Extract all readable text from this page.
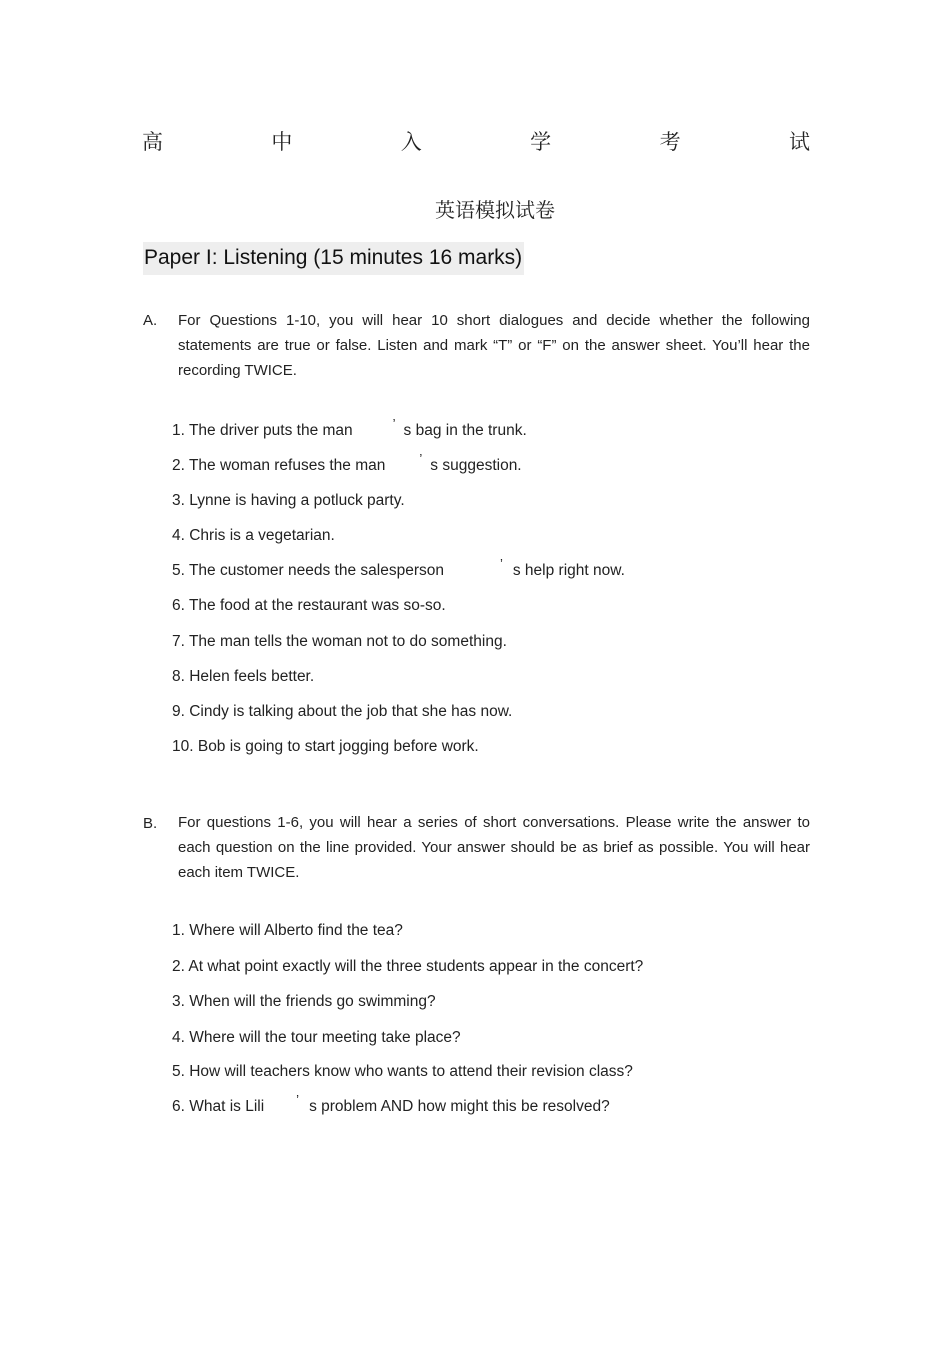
高	中	入	学	考	试
英语模拟试卷
Paper I: Listening (15 minutes 16 marks)
A. For Questions 1-10, you will hear 10 short dialogues and decide whether the following statements are true or false. Listen and mark “T” or “F” on the answer sheet. You’ll hear the recording TWICE.
1. The driver puts the man	’ s bag in the trunk.
2. The woman refuses the man	’ s suggestion.
3. Lynne is having a potluck party.
4. Chris is a vegetarian.
5. The customer needs the salesperson	’ s help right now.
6. The food at the restaurant was so-so.
7. The man tells the woman not to do something.
8. Helen feels better.
9. Cindy is talking about the job that she has now.
10. Bob is going to start jogging before work.
B. For questions 1-6, you will hear a series of short conversations. Please write the answer to each question on the line provided. Your answer should be as brief as possible. You will hear each item TWICE.
1. Where will Alberto find the tea?
2. At what point exactly will the three students appear in the concert?
3. When will the friends go swimming?
4. Where will the tour meeting take place?
5. How will teachers know who wants to attend their revision class?
6. What is Lili ’ s problem AND how might this be resolved?
